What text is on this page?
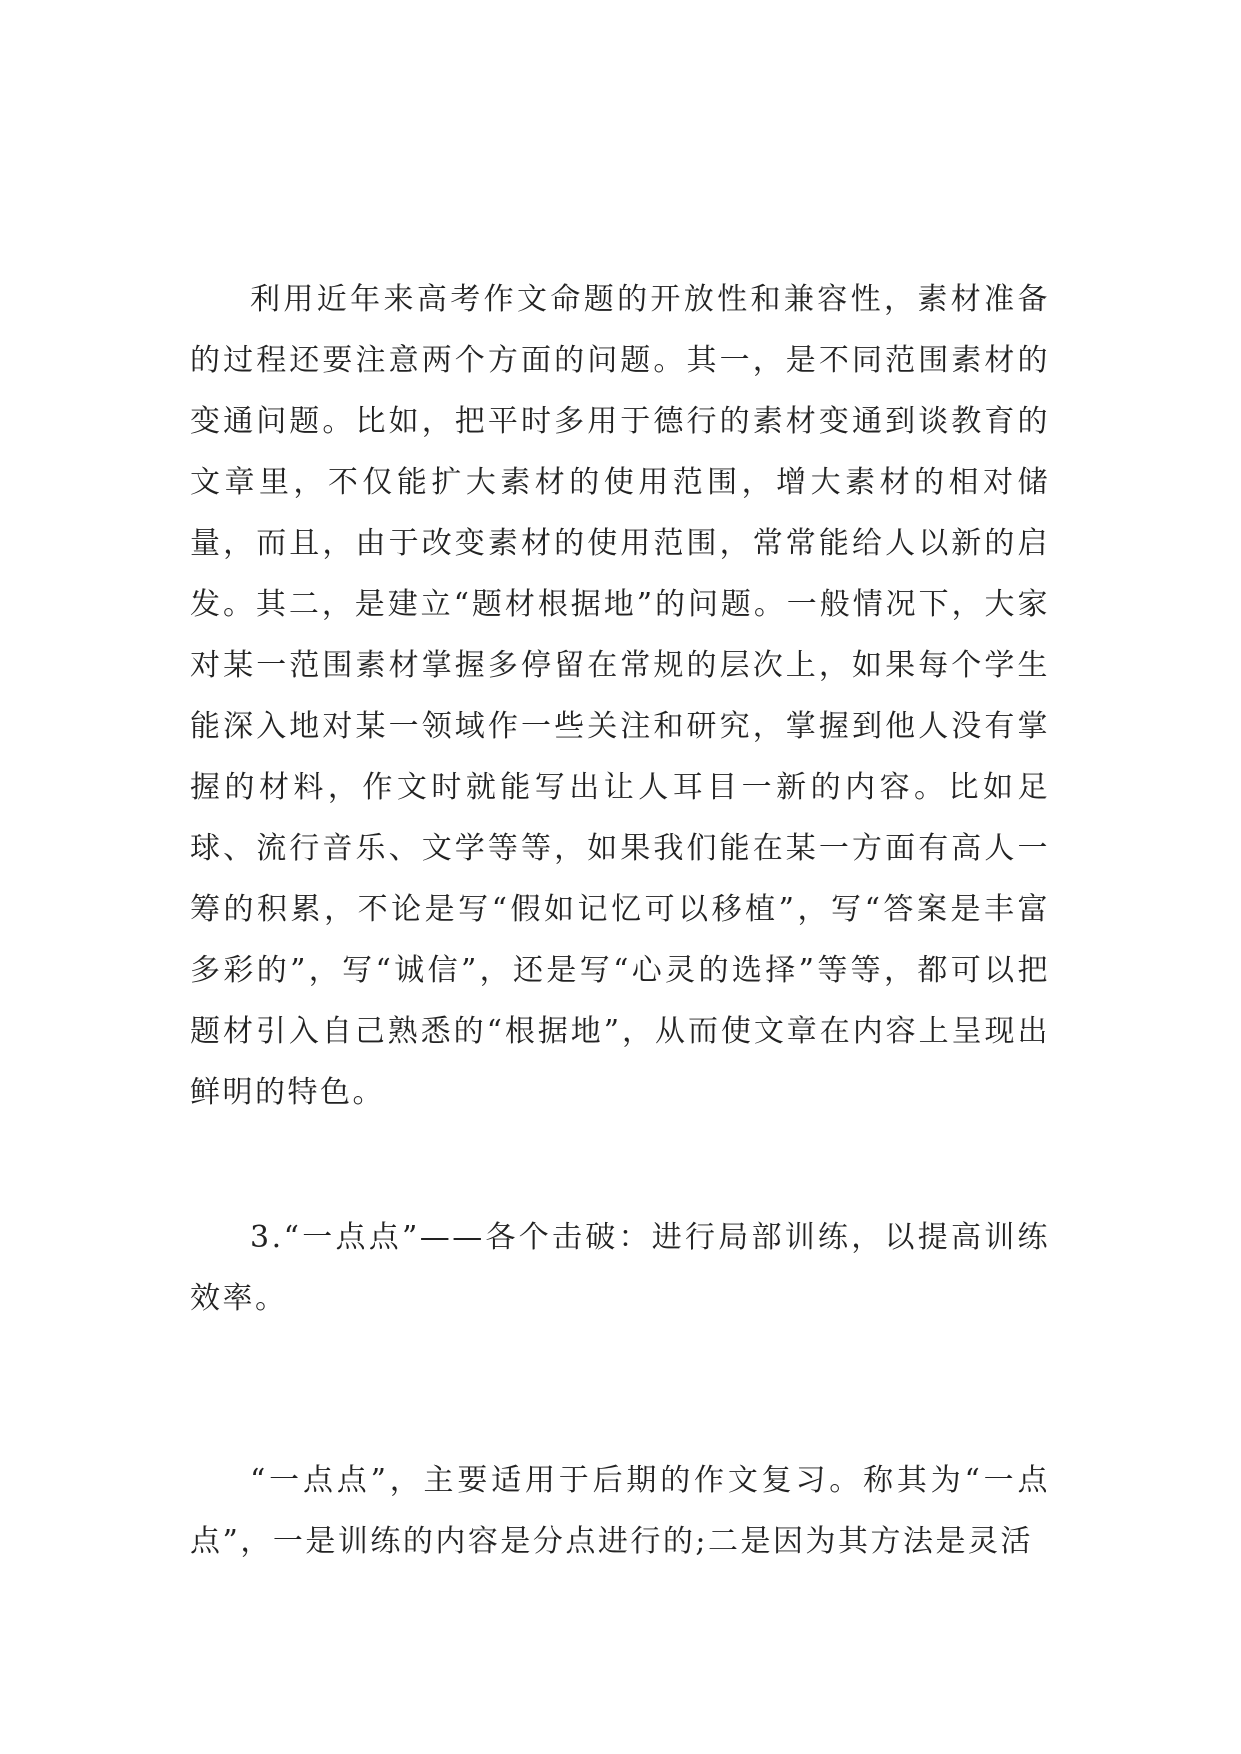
利用近年来高考作文命题的开放性和兼容性，素材准备的过程还要注意两个方面的问题。其一，是不同范围素材的变通问题。比如，把平时多用于德行的素材变通到谈教育的文章里，不仅能扩大素材的使用范围，增大素材的相对储量，而且，由于改变素材的使用范围，常常能给人以新的启发。其二，是建立“题材根据地”的问题。一般情况下，大家对某一范围素材掌握多停留在常规的层次上，如果每个学生能深入地对某一领域作一些关注和研究，掌握到他人没有掌握的材料，作文时就能写出让人耳目一新的内容。比如足球、流行音乐、文学等等，如果我们能在某一方面有高人一筹的积累，不论是写“假如记忆可以移植”，写“答案是丰富多彩的”，写“诚信”，还是写“心灵的选择”等等，都可以把题材引入自己熟悉的“根据地”，从而使文章在内容上呈现出鲜明的特色。

3.“一点点”——各个击破：进行局部训练，以提高训练效率。

“一点点”，主要适用于后期的作文复习。称其为“一点点”，一是训练的内容是分点进行的;二是因为其方法是灵活
